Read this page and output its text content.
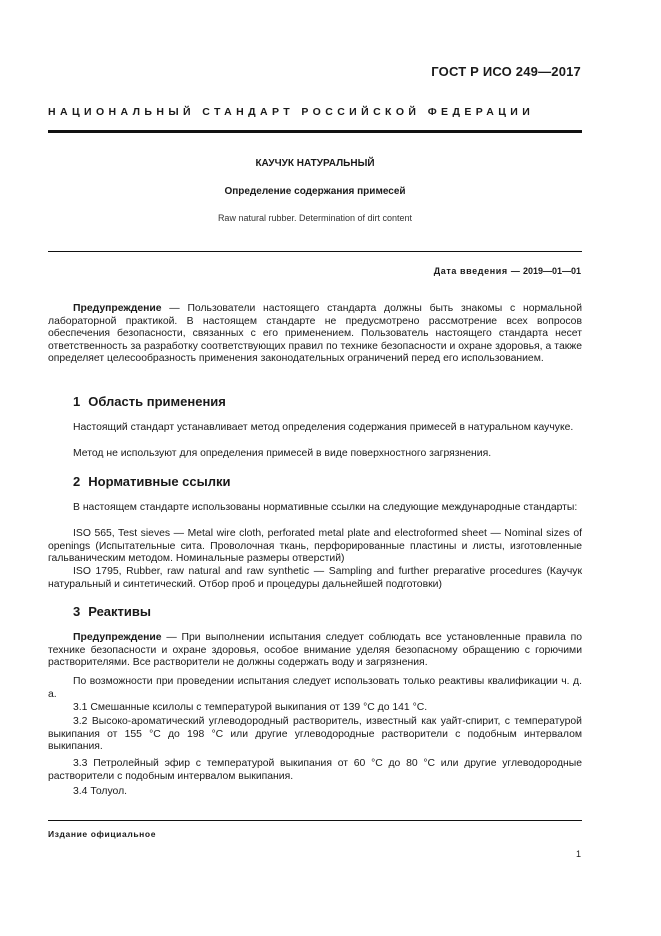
ГОСТ Р ИСО 249—2017
НАЦИОНАЛЬНЫЙ СТАНДАРТ РОССИЙСКОЙ ФЕДЕРАЦИИ
КАУЧУК НАТУРАЛЬНЫЙ
Определение содержания примесей
Raw natural rubber. Determination of dirt content
Дата введения — 2019—01—01

Предупреждение — Пользователи настоящего стандарта должны быть знакомы с нормальной лабораторной практикой. В настоящем стандарте не предусмотрено рассмотрение всех вопросов обеспечения безопасности, связанных с его применением. Пользователь настоящего стандарта несет ответственность за разработку соответствующих правил по технике безопасности и охране здоровья, а также определяет целесообразность применения законодательных ограничений перед его использованием.

1 Область применения

Настоящий стандарт устанавливает метод определения содержания примесей в натуральном каучуке.

Метод не используют для определения примесей в виде поверхностного загрязнения.

2 Нормативные ссылки

В настоящем стандарте использованы нормативные ссылки на следующие международные стандарты:

ISO 565, Test sieves — Metal wire cloth, perforated metal plate and electroformed sheet — Nominal sizes of openings (Испытательные сита. Проволочная ткань, перфорированные пластины и листы, изготовленные гальваническим методом. Номинальные размеры отверстий)

ISO 1795, Rubber, raw natural and raw synthetic — Sampling and further preparative procedures (Каучук натуральный и синтетический. Отбор проб и процедуры дальнейшей подготовки)

3 Реактивы

Предупреждение — При выполнении испытания следует соблюдать все установленные правила по технике безопасности и охране здоровья, особое внимание уделяя безопасному обращению с горючими растворителями. Все растворители не должны содержать воду и загрязнения.

По возможности при проведении испытания следует использовать только реактивы квалификации ч. д. а.

3.1 Смешанные ксилолы с температурой выкипания от 139 °C до 141 °C.

3.2 Высоко-ароматический углеводородный растворитель, известный как уайт-спирит, с температурой выкипания от 155 °C до 198 °C или другие углеводородные растворители с подобным интервалом выкипания.

3.3 Петролейный эфир с температурой выкипания от 60 °C до 80 °C или другие углеводородные растворители с подобным интервалом выкипания.

3.4 Толуол.

Издание официальное
1
